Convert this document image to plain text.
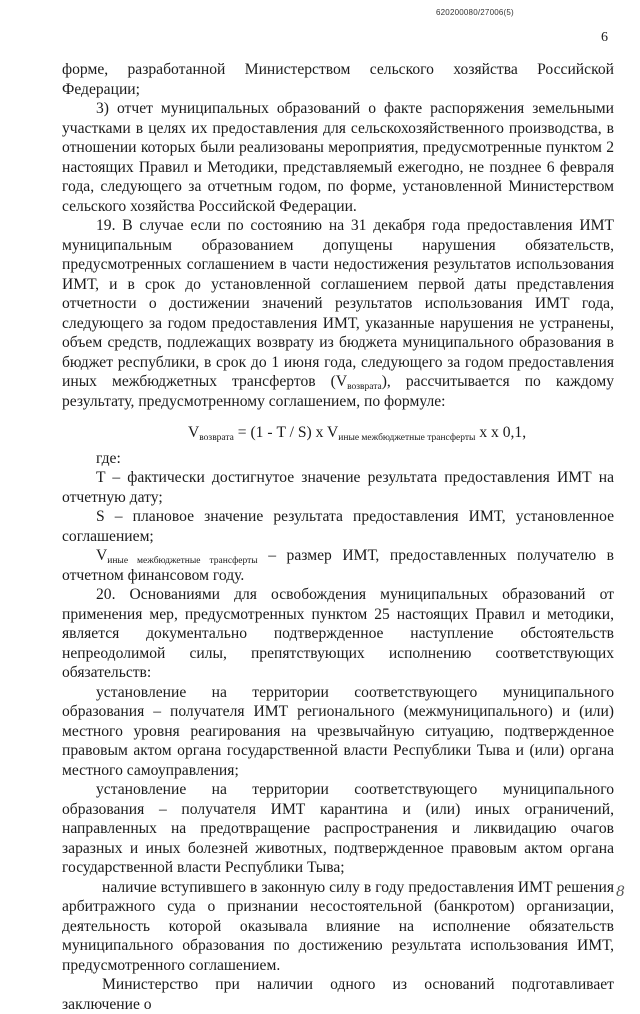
620200080/27006(5)
6

форме, разработанной Министерством сельского хозяйства Российской Федерации;

3) отчет муниципальных образований о факте распоряжения земельными участками в целях их предоставления для сельскохозяйственного производства, в отношении которых были реализованы мероприятия, предусмотренные пунктом 2 настоящих Правил и Методики, представляемый ежегодно, не позднее 6 февраля года, следующего за отчетным годом, по форме, установленной Министерством сельского хозяйства Российской Федерации.

19. В случае если по состоянию на 31 декабря года предоставления ИМТ муниципальным образованием допущены нарушения обязательств, предусмотренных соглашением в части недостижения результатов использования ИМТ, и в срок до установленной соглашением первой даты представления отчетности о достижении значений результатов использования ИМТ года, следующего за годом предоставления ИМТ, указанные нарушения не устранены, объем средств, подлежащих возврату из бюджета муниципального образования в бюджет республики, в срок до 1 июня года, следующего за годом предоставления иных межбюджетных трансфертов $(V_{возврата})$, рассчитывается по каждому результату, предусмотренному соглашением, по формуле:

$V_{возврата} = (1 - T / S)$ x $V_{иные межбюджетные трансферты}$ x x 0,1,

где:

T – фактически достигнутое значение результата предоставления ИМТ на отчетную дату;

S – плановое значение результата предоставления ИМТ, установленное соглашением;

$V_{иные межбюджетные трансферты}$ – размер ИМТ, предоставленных получателю в отчетном финансовом году.

20. Основаниями для освобождения муниципальных образований от применения мер, предусмотренных пунктом 25 настоящих Правил и методики, является документально подтвержденное наступление обстоятельств непреодолимой силы, препятствующих исполнению соответствующих обязательств:

установление на территории соответствующего муниципального образования – получателя ИМТ регионального (межмуниципального) и (или) местного уровня реагирования на чрезвычайную ситуацию, подтвержденное правовым актом органа государственной власти Республики Тыва и (или) органа местного самоуправления;

установление на территории соответствующего муниципального образования – получателя ИМТ карантина и (или) иных ограничений, направленных на предотвращение распространения и ликвидацию очагов заразных и иных болезней животных, подтвержденное правовым актом органа государственной власти Республики Тыва;

наличие вступившего в законную силу в году предоставления ИМТ решения арбитражного суда о признании несостоятельной (банкротом) организации, деятельность которой оказывала влияние на исполнение обязательств муниципального образования по достижению результата использования ИМТ, предусмотренного соглашением.

Министерство при наличии одного из оснований подготавливает заключение о

8
